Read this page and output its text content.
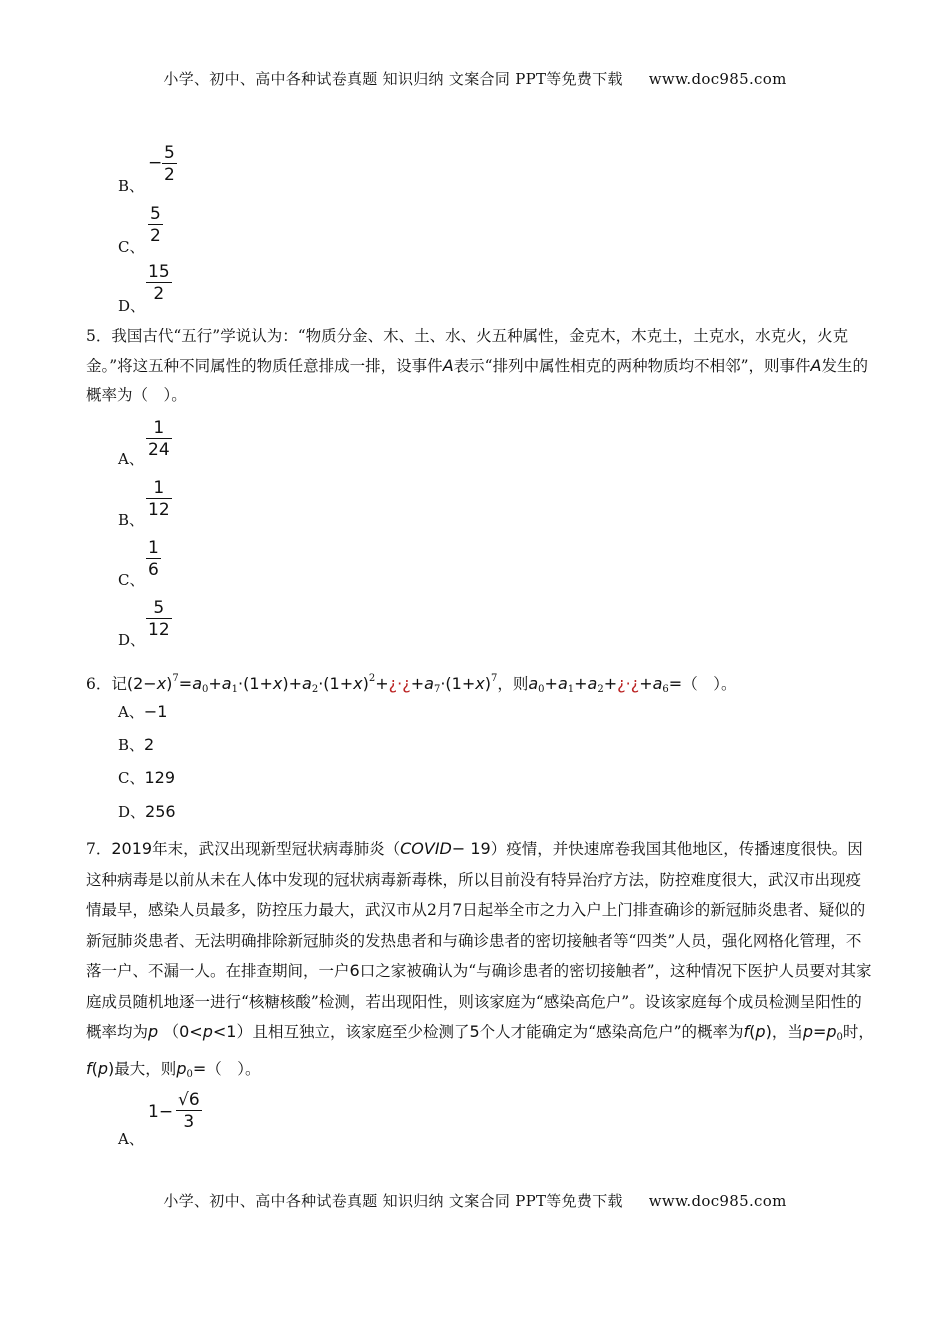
小学、初中、高中各种试卷真题 知识归纳 文案合同 PPT等免费下载 www.doc985.com
B、
− $\frac{5}{2}$
C、
$\frac{5}{2}$
D、
$\frac{15}{2}$
5．我国古代“五行”学说认为：“物质分金、木、土、水、火五种属性，金克木，木克土，土克水，水克火，火克金。”将这五种不同属性的物质任意排成一排，设事件A表示“排列中属性相克的两种物质均不相邻”，则事件A发生的概率为（　）。
A、 $\frac{1}{24}$
B、 $\frac{1}{12}$
C、 $\frac{1}{6}$
D、 $\frac{5}{12}$
6．记$(2-x)^7=a_0+a_1\cdot(1+x)+a_2\cdot(1+x)^2+¿\cdot¿+a_7\cdot(1+x)^7$，则$a_0+a_1+a_2+¿\cdot¿+a_6=$（　）。
A、−1
B、2
C、129
D、256
7．2019年末，武汉出现新型冠状病毒肺炎（COVID− 19）疫情，并快速席卷我国其他地区，传播速度很快。因这种病毒是以前从未在人体中发现的冠状病毒新毒株，所以目前没有特异治疗方法，防控难度很大，武汉市出现疫情最早，感染人员最多，防控压力最大，武汉市从2月7日起举全市之力入户上门排查确诊的新冠肺炎患者、疑似的新冠肺炎患者、无法明确排除新冠肺炎的发热患者和与确诊患者的密切接触者等“四类”人员，强化网格化管理，不落一户、不漏一人。在排查期间，一户6口之家被确认为“与确诊患者的密切接触者”，这种情况下医护人员要对其家庭成员随机地逐一进行“核糖核酸”检测，若出现阳性，则该家庭为“感染高危户”。设该家庭每个成员检测呈阳性的概率均为p （0<p<1）且相互独立，该家庭至少检测了5个人才能确定为“感染高危户”的概率为f(p)，当$p=p_0$时，f(p)最大，则$p_0=$（　）。
A、
$1- \frac{√6}{3}$
小学、初中、高中各种试卷真题 知识归纳 文案合同 PPT等免费下载 www.doc985.com
